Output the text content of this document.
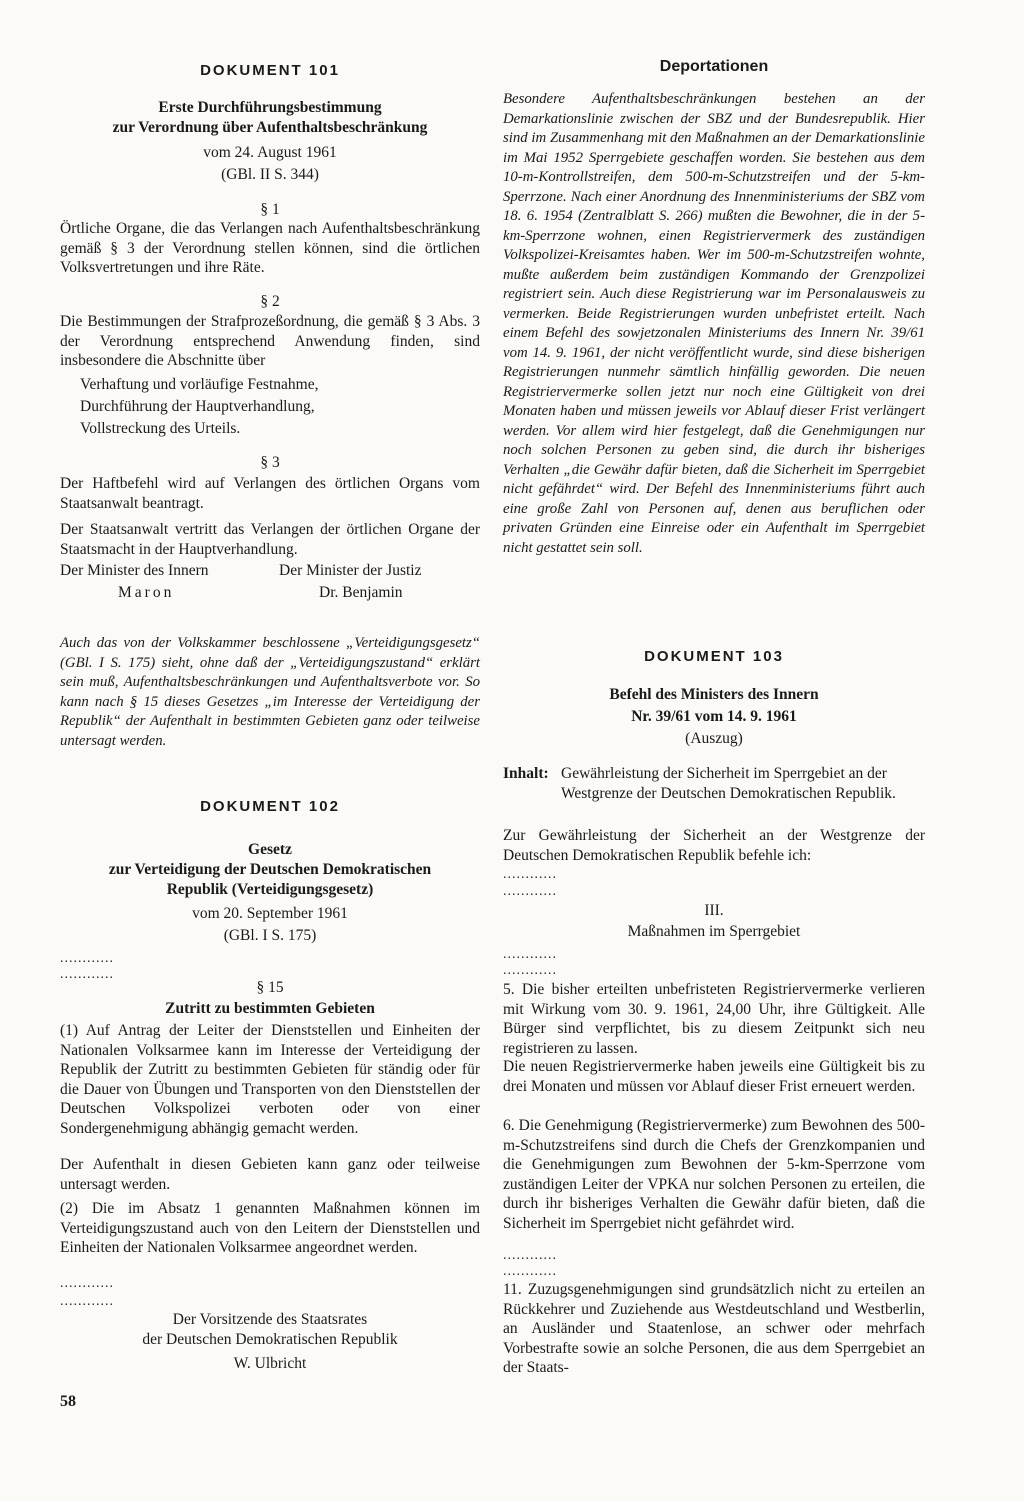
DOKUMENT 101
Erste Durchführungsbestimmung
zur Verordnung über Aufenthaltsbeschränkung
vom 24. August 1961
(GBl. II S. 344)
§ 1

Örtliche Organe, die das Verlangen nach Aufenthaltsbeschränkung gemäß § 3 der Verordnung stellen können, sind die örtlichen Volksvertretungen und ihre Räte.

§ 2

Die Bestimmungen der Strafprozeßordnung, die gemäß § 3 Abs. 3 der Verordnung entsprechend Anwendung finden, sind insbesondere die Abschnitte über

Verhaftung und vorläufige Festnahme,
Durchführung der Hauptverhandlung,
Vollstreckung des Urteils.
§ 3

Der Haftbefehl wird auf Verlangen des örtlichen Organs vom Staatsanwalt beantragt.

Der Staatsanwalt vertritt das Verlangen der örtlichen Organe der Staatsmacht in der Hauptverhandlung.

Der Minister des Innern
Maron
Der Minister der Justiz
Dr. Benjamin

Auch das von der Volkskammer beschlossene „Verteidigungsgesetz“ (GBl. I S. 175) sieht, ohne daß der „Verteidigungszustand“ erklärt sein muß, Aufenthaltsbeschränkungen und Aufenthaltsverbote vor. So kann nach § 15 dieses Gesetzes „im Interesse der Verteidigung der Republik“ der Aufenthalt in bestimmten Gebieten ganz oder teilweise untersagt werden.

DOKUMENT 102
Gesetz
zur Verteidigung der Deutschen Demokratischen
Republik (Verteidigungsgesetz)
vom 20. September 1961
(GBl. I S. 175)
............
............
§ 15
Zutritt zu bestimmten Gebieten

(1) Auf Antrag der Leiter der Dienststellen und Einheiten der Nationalen Volksarmee kann im Interesse der Verteidigung der Republik der Zutritt zu bestimmten Gebieten für ständig oder für die Dauer von Übungen und Transporten von den Dienststellen der Deutschen Volkspolizei verboten oder von einer Sondergenehmigung abhängig gemacht werden.

Der Aufenthalt in diesen Gebieten kann ganz oder teilweise untersagt werden.

(2) Die im Absatz 1 genannten Maßnahmen können im Verteidigungszustand auch von den Leitern der Dienststellen und Einheiten der Nationalen Volksarmee angeordnet werden.

............
............
Der Vorsitzende des Staatsrates
der Deutschen Demokratischen Republik
W. Ulbricht
58
Deportationen

Besondere Aufenthaltsbeschränkungen bestehen an der Demarkationslinie zwischen der SBZ und der Bundesrepublik. Hier sind im Zusammenhang mit den Maßnahmen an der Demarkationslinie im Mai 1952 Sperrgebiete geschaffen worden. Sie bestehen aus dem 10-m-Kontrollstreifen, dem 500-m-Schutzstreifen und der 5-km-Sperrzone. Nach einer Anordnung des Innenministeriums der SBZ vom 18. 6. 1954 (Zentralblatt S. 266) mußten die Bewohner, die in der 5-km-Sperrzone wohnen, einen Registriervermerk des zuständigen Volkspolizei-Kreisamtes haben. Wer im 500-m-Schutzstreifen wohnte, mußte außerdem beim zuständigen Kommando der Grenzpolizei registriert sein. Auch diese Registrierung war im Personalausweis zu vermerken. Beide Registrierungen wurden unbefristet erteilt. Nach einem Befehl des sowjetzonalen Ministeriums des Innern Nr. 39/61 vom 14. 9. 1961, der nicht veröffentlicht wurde, sind diese bisherigen Registrierungen nunmehr sämtlich hinfällig geworden. Die neuen Registriervermerke sollen jetzt nur noch eine Gültigkeit von drei Monaten haben und müssen jeweils vor Ablauf dieser Frist verlängert werden. Vor allem wird hier festgelegt, daß die Genehmigungen nur noch solchen Personen zu geben sind, die durch ihr bisheriges Verhalten „die Gewähr dafür bieten, daß die Sicherheit im Sperrgebiet nicht gefährdet“ wird. Der Befehl des Innenministeriums führt auch eine große Zahl von Personen auf, denen aus beruflichen oder privaten Gründen eine Einreise oder ein Aufenthalt im Sperrgebiet nicht gestattet sein soll.

DOKUMENT 103
Befehl des Ministers des Innern
Nr. 39/61 vom 14. 9. 1961
(Auszug)
Inhalt: Gewährleistung der Sicherheit im Sperrgebiet an der Westgrenze der Deutschen Demokratischen Republik.

Zur Gewährleistung der Sicherheit an der Westgrenze der Deutschen Demokratischen Republik befehle ich:

............
............
III.
Maßnahmen im Sperrgebiet
............
............

5. Die bisher erteilten unbefristeten Registriervermerke verlieren mit Wirkung vom 30. 9. 1961, 24,00 Uhr, ihre Gültigkeit. Alle Bürger sind verpflichtet, bis zu diesem Zeitpunkt sich neu registrieren zu lassen.

Die neuen Registriervermerke haben jeweils eine Gültigkeit bis zu drei Monaten und müssen vor Ablauf dieser Frist erneuert werden.

6. Die Genehmigung (Registriervermerke) zum Bewohnen des 500-m-Schutzstreifens sind durch die Chefs der Grenzkompanien und die Genehmigungen zum Bewohnen der 5-km-Sperrzone vom zuständigen Leiter der VPKA nur solchen Personen zu erteilen, die durch ihr bisheriges Verhalten die Gewähr dafür bieten, daß die Sicherheit im Sperrgebiet nicht gefährdet wird.

............
............

11. Zuzugsgenehmigungen sind grundsätzlich nicht zu erteilen an Rückkehrer und Zuziehende aus Westdeutschland und Westberlin, an Ausländer und Staatenlose, an schwer oder mehrfach Vorbestrafte sowie an solche Personen, die aus dem Sperrgebiet an der Staats-
